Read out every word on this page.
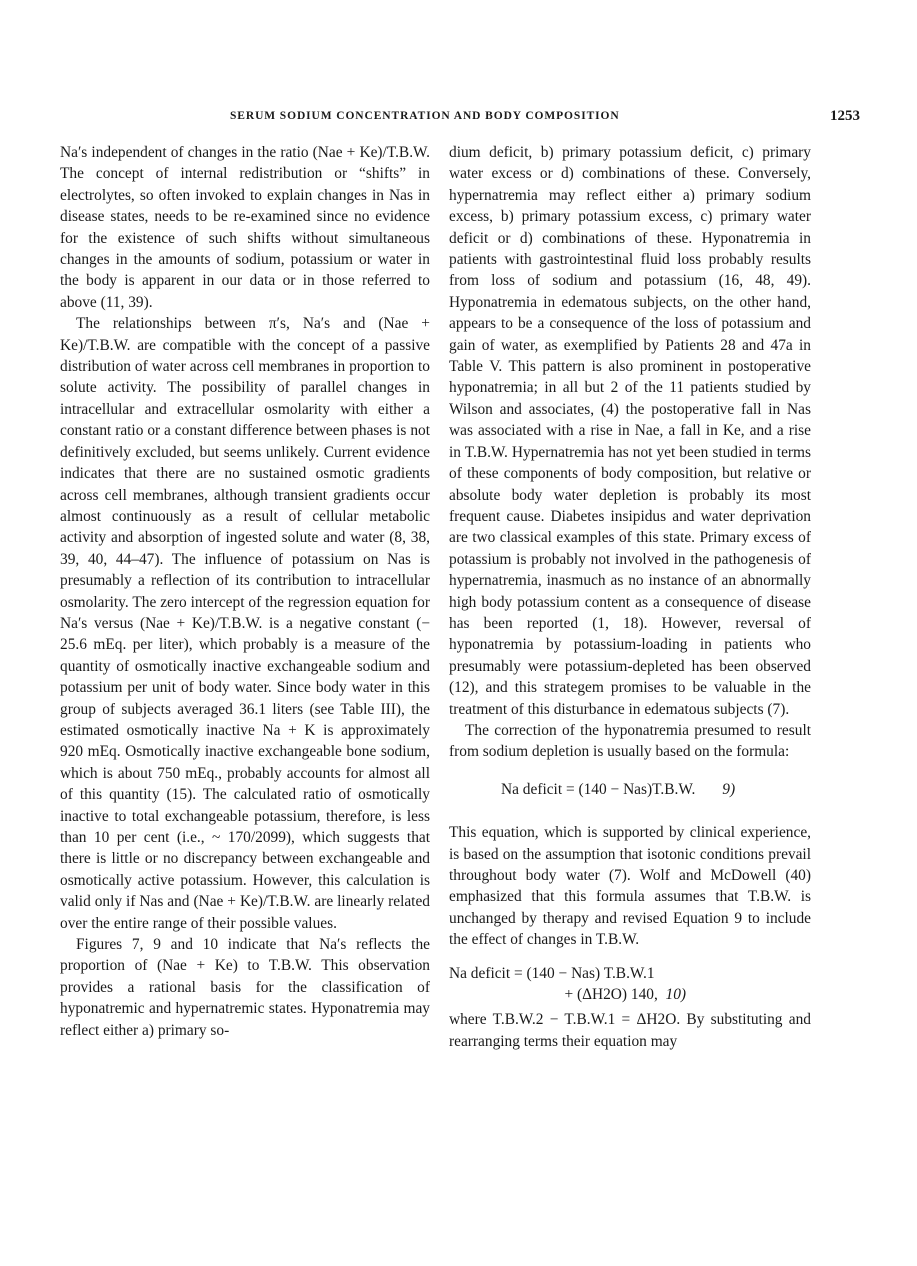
SERUM SODIUM CONCENTRATION AND BODY COMPOSITION	1253

Na′s independent of changes in the ratio (Nae + Ke)/T.B.W. The concept of internal redistribution or “shifts” in electrolytes, so often invoked to explain changes in Nas in disease states, needs to be re-examined since no evidence for the existence of such shifts without simultaneous changes in the amounts of sodium, potassium or water in the body is apparent in our data or in those referred to above (11, 39).

The relationships between π′s, Na′s and (Nae + Ke)/T.B.W. are compatible with the concept of a passive distribution of water across cell membranes in proportion to solute activity. The possibility of parallel changes in intracellular and extracellular osmolarity with either a constant ratio or a constant difference between phases is not definitively excluded, but seems unlikely. Current evidence indicates that there are no sustained osmotic gradients across cell membranes, although transient gradients occur almost continuously as a result of cellular metabolic activity and absorption of ingested solute and water (8, 38, 39, 40, 44–47). The influence of potassium on Nas is presumably a reflection of its contribution to intracellular osmolarity. The zero intercept of the regression equation for Na′s versus (Nae + Ke)/T.B.W. is a negative constant (− 25.6 mEq. per liter), which probably is a measure of the quantity of osmotically inactive exchangeable sodium and potassium per unit of body water. Since body water in this group of subjects averaged 36.1 liters (see Table III), the estimated osmotically inactive Na + K is approximately 920 mEq. Osmotically inactive exchangeable bone sodium, which is about 750 mEq., probably accounts for almost all of this quantity (15). The calculated ratio of osmotically inactive to total exchangeable potassium, therefore, is less than 10 per cent (i.e., ~ 170/2099), which suggests that there is little or no discrepancy between exchangeable and osmotically active potassium. However, this calculation is valid only if Nas and (Nae + Ke)/T.B.W. are linearly related over the entire range of their possible values.

Figures 7, 9 and 10 indicate that Na′s reflects the proportion of (Nae + Ke) to T.B.W. This observation provides a rational basis for the classification of hyponatremic and hypernatremic states. Hyponatremia may reflect either a) primary so-

dium deficit, b) primary potassium deficit, c) primary water excess or d) combinations of these. Conversely, hypernatremia may reflect either a) primary sodium excess, b) primary potassium excess, c) primary water deficit or d) combinations of these. Hyponatremia in patients with gastrointestinal fluid loss probably results from loss of sodium and potassium (16, 48, 49). Hyponatremia in edematous subjects, on the other hand, appears to be a consequence of the loss of potassium and gain of water, as exemplified by Patients 28 and 47a in Table V. This pattern is also prominent in postoperative hyponatremia; in all but 2 of the 11 patients studied by Wilson and associates, (4) the postoperative fall in Nas was associated with a rise in Nae, a fall in Ke, and a rise in T.B.W. Hypernatremia has not yet been studied in terms of these components of body composition, but relative or absolute body water depletion is probably its most frequent cause. Diabetes insipidus and water deprivation are two classical examples of this state. Primary excess of potassium is probably not involved in the pathogenesis of hypernatremia, inasmuch as no instance of an abnormally high body potassium content as a consequence of disease has been reported (1, 18). However, reversal of hyponatremia by potassium-loading in patients who presumably were potassium-depleted has been observed (12), and this strategem promises to be valuable in the treatment of this disturbance in edematous subjects (7).

The correction of the hyponatremia presumed to result from sodium depletion is usually based on the formula:

Na deficit = (140 − Nas)T.B.W. 9)

This equation, which is supported by clinical experience, is based on the assumption that isotonic conditions prevail throughout body water (7). Wolf and McDowell (40) emphasized that this formula assumes that T.B.W. is unchanged by therapy and revised Equation 9 to include the effect of changes in T.B.W.

Na deficit = (140 − Nas) T.B.W.1
+ (ΔH2O) 140, 10)

where T.B.W.2 − T.B.W.1 = ΔH2O. By substituting and rearranging terms their equation may
